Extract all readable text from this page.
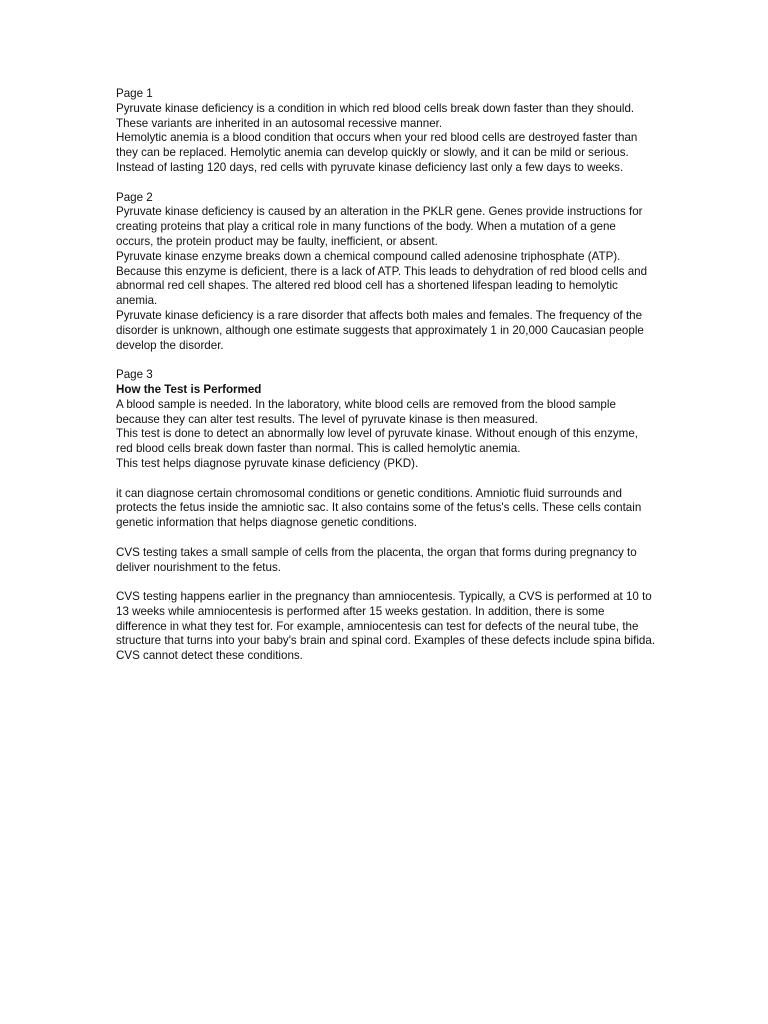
Page 1

Pyruvate kinase deficiency is a condition in which red blood cells break down faster than they should. These variants are inherited in an autosomal recessive manner.

Hemolytic anemia is a blood condition that occurs when your red blood cells are destroyed faster than they can be replaced. Hemolytic anemia can develop quickly or slowly, and it can be mild or serious. Instead of lasting 120 days, red cells with pyruvate kinase deficiency last only a few days to weeks.

Page 2

Pyruvate kinase deficiency is caused by an alteration in the PKLR gene. Genes provide instructions for creating proteins that play a critical role in many functions of the body. When a mutation of a gene occurs, the protein product may be faulty, inefficient, or absent.

Pyruvate kinase enzyme breaks down a chemical compound called adenosine triphosphate (ATP). Because this enzyme is deficient, there is a lack of ATP. This leads to dehydration of red blood cells and abnormal red cell shapes. The altered red blood cell has a shortened lifespan leading to hemolytic anemia.

Pyruvate kinase deficiency is a rare disorder that affects both males and females. The frequency of the disorder is unknown, although one estimate suggests that approximately 1 in 20,000 Caucasian people develop the disorder.

Page 3

How the Test is Performed

A blood sample is needed. In the laboratory, white blood cells are removed from the blood sample because they can alter test results. The level of pyruvate kinase is then measured.

This test is done to detect an abnormally low level of pyruvate kinase. Without enough of this enzyme, red blood cells break down faster than normal. This is called hemolytic anemia.

This test helps diagnose pyruvate kinase deficiency (PKD).

it can diagnose certain chromosomal conditions or genetic conditions. Amniotic fluid surrounds and protects the fetus inside the amniotic sac. It also contains some of the fetus's cells. These cells contain genetic information that helps diagnose genetic conditions.

CVS testing takes a small sample of cells from the placenta, the organ that forms during pregnancy to deliver nourishment to the fetus.

CVS testing happens earlier in the pregnancy than amniocentesis. Typically, a CVS is performed at 10 to 13 weeks while amniocentesis is performed after 15 weeks gestation. In addition, there is some difference in what they test for. For example, amniocentesis can test for defects of the neural tube, the structure that turns into your baby's brain and spinal cord. Examples of these defects include spina bifida. CVS cannot detect these conditions.
